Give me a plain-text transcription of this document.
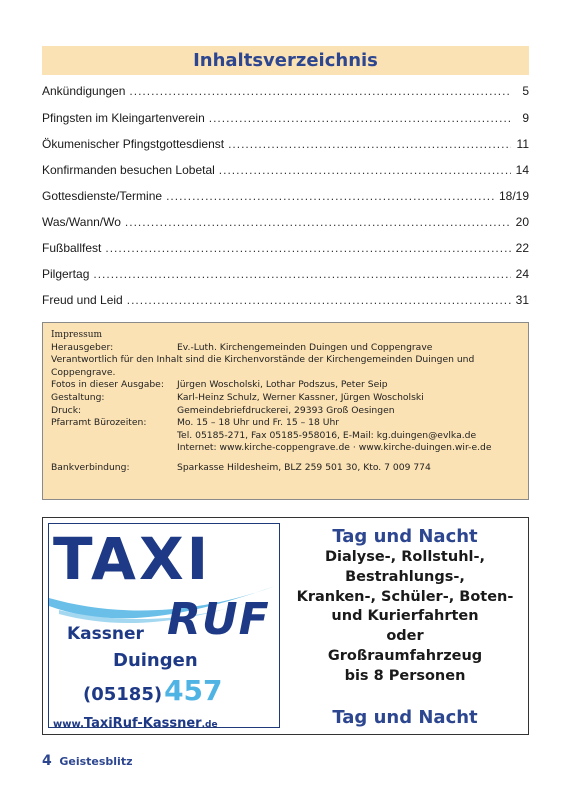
Inhaltsverzeichnis
Ankündigungen .....	5
Pfingsten im Kleingartenverein .....	9
Ökumenischer Pfingstgottesdienst .....	11
Konfirmanden besuchen Lobetal .....	14
Gottesdienste/Termine .....	18/19
Was/Wann/Wo .....	20
Fußballfest .....	22
Pilgertag .....	24
Freud und Leid .....	31
Impressum
Herausgeber:	Ev.-Luth. Kirchengemeinden Duingen und Coppengrave
Verantwortlich für den Inhalt sind die Kirchenvorstände der Kirchengemeinden Duingen und Coppengrave.
Fotos in dieser Ausgabe:	Jürgen Woscholski, Lothar Podszus, Peter Seip
Gestaltung:	Karl-Heinz Schulz, Werner Kassner, Jürgen Woscholski
Druck:	Gemeindebriefdruckerei, 29393 Groß Oesingen
Pfarramt Bürozeiten:	Mo. 15 – 18 Uhr und Fr. 15 – 18 Uhr
Tel. 05185-271, Fax 05185-958016, E-Mail: kg.duingen@evlka.de
Internet: www.kirche-coppengrave.de · www.kirche-duingen.wir-e.de
Bankverbindung:	Sparkasse Hildesheim, BLZ 259 501 30, Kto. 7 009 774
TAXI
RUF
Kassner
Duingen
(05185)457
www.TaxiRuf-Kassner.de
Tag und Nacht
Dialyse-, Rollstuhl-,
Bestrahlungs-,
Kranken-, Schüler-, Boten-
und Kurierfahrten
oder
Großraumfahrzeug
bis 8 Personen
Tag und Nacht
4 Geistesblitz
